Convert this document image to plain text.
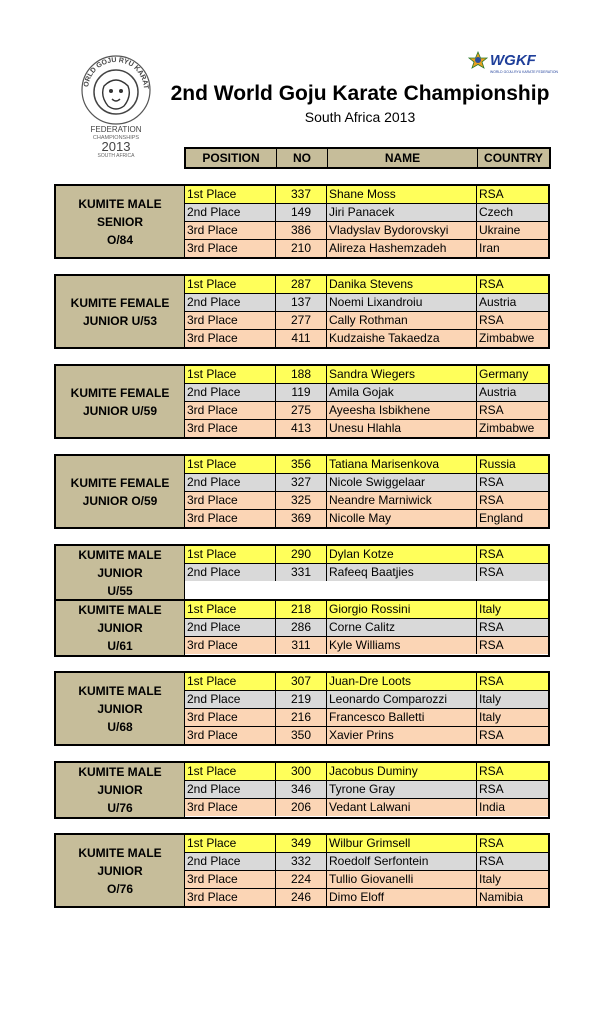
ORLD GOJU RYU KARAT
FEDERATION
CHAMPIONSHIPS
2013
SOUTH AFRICA
WGKF
WORLD GOJU-RYU KARATE FEDERATION
2nd World Goju Karate Championship
South Africa 2013
POSITION	NO	NAME	COUNTRY
KUMITE MALE SENIOR
O/84
1st Place	337	Shane Moss	RSA
2nd Place	149	Jiri Panacek	Czech
3rd Place	386	Vladyslav Bydorovskyi	Ukraine
3rd Place	210	Alireza Hashemzadeh	Iran
KUMITE FEMALE
JUNIOR U/53
1st Place	287	Danika Stevens	RSA
2nd Place	137	Noemi Lixandroiu	Austria
3rd Place	277	Cally Rothman	RSA
3rd Place	411	Kudzaishe Takaedza	Zimbabwe
KUMITE FEMALE
JUNIOR U/59
1st Place	188	Sandra Wiegers	Germany
2nd Place	119	Amila Gojak	Austria
3rd Place	275	Ayeesha Isbikhene	RSA
3rd Place	413	Unesu Hlahla	Zimbabwe
KUMITE FEMALE
JUNIOR O/59
1st Place	356	Tatiana Marisenkova	Russia
2nd Place	327	Nicole Swiggelaar	RSA
3rd Place	325	Neandre Marniwick	RSA
3rd Place	369	Nicolle May	England
KUMITE MALE JUNIOR
U/55
1st Place	290	Dylan Kotze	RSA
2nd Place	331	Rafeeq Baatjies	RSA
KUMITE MALE JUNIOR
U/61
1st Place	218	Giorgio Rossini	Italy
2nd Place	286	Corne Calitz	RSA
3rd Place	311	Kyle Williams	RSA
KUMITE MALE JUNIOR
U/68
1st Place	307	Juan-Dre Loots	RSA
2nd Place	219	Leonardo Comparozzi	Italy
3rd Place	216	Francesco Balletti	Italy
3rd Place	350	Xavier Prins	RSA
KUMITE MALE JUNIOR
U/76
1st Place	300	Jacobus Duminy	RSA
2nd Place	346	Tyrone Gray	RSA
3rd Place	206	Vedant Lalwani	India
KUMITE MALE JUNIOR
O/76
1st Place	349	Wilbur Grimsell	RSA
2nd Place	332	Roedolf Serfontein	RSA
3rd Place	224	Tullio Giovanelli	Italy
3rd Place	246	Dimo Eloff	Namibia
